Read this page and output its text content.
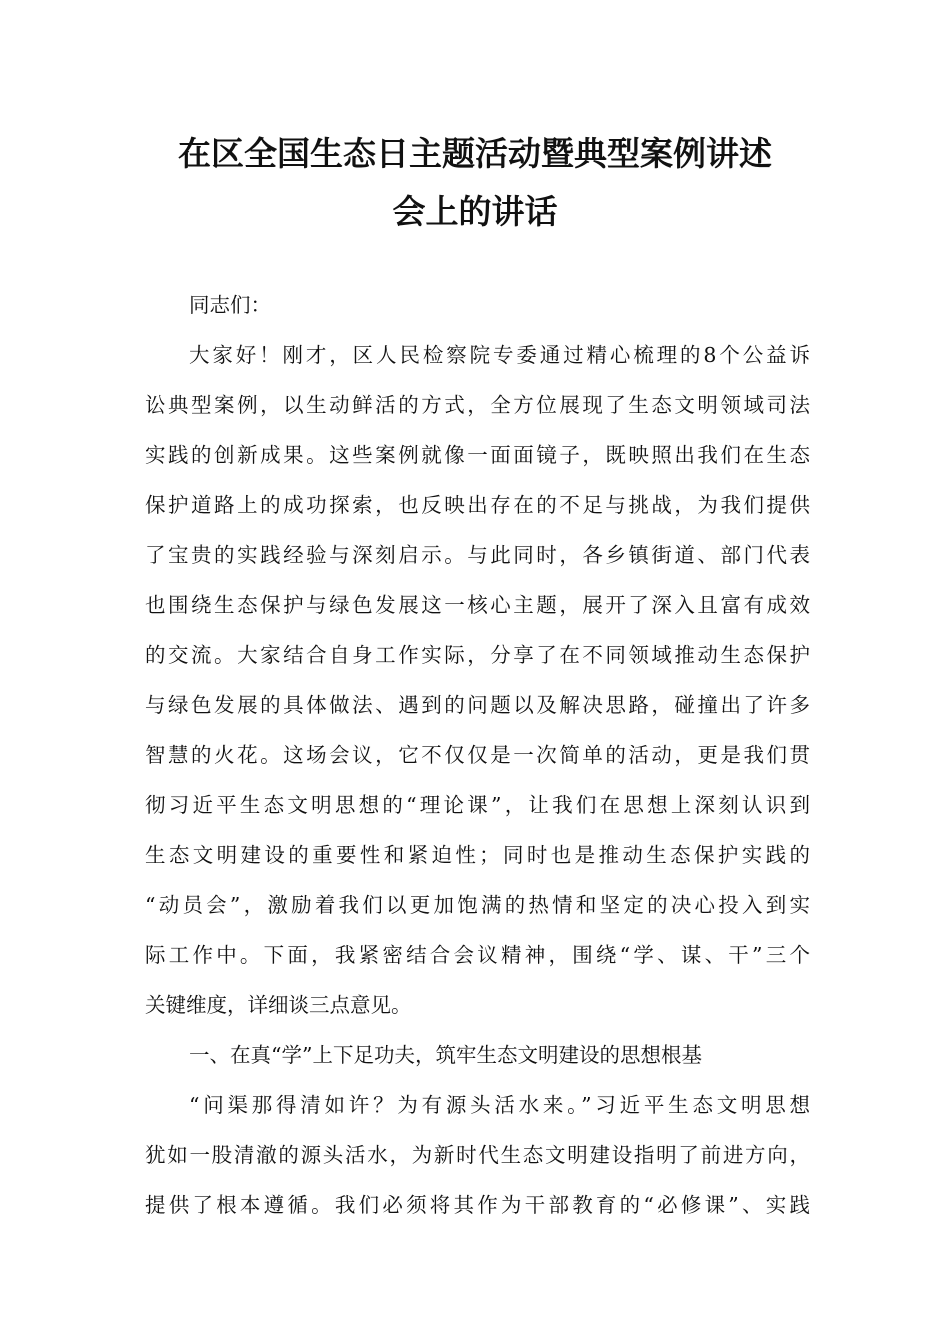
在区全国生态日主题活动暨典型案例讲述
会上的讲话
同志们：
大家好！刚才，区人民检察院专委通过精心梳理的8个公益诉
讼典型案例，以生动鲜活的方式，全方位展现了生态文明领域司法
实践的创新成果。这些案例就像一面面镜子，既映照出我们在生态
保护道路上的成功探索，也反映出存在的不足与挑战，为我们提供
了宝贵的实践经验与深刻启示。与此同时，各乡镇街道、部门代表
也围绕生态保护与绿色发展这一核心主题，展开了深入且富有成效
的交流。大家结合自身工作实际，分享了在不同领域推动生态保护
与绿色发展的具体做法、遇到的问题以及解决思路，碰撞出了许多
智慧的火花。这场会议，它不仅仅是一次简单的活动，更是我们贯
彻习近平生态文明思想的“理论课”，让我们在思想上深刻认识到
生态文明建设的重要性和紧迫性；同时也是推动生态保护实践的
“动员会”，激励着我们以更加饱满的热情和坚定的决心投入到实
际工作中。下面，我紧密结合会议精神，围绕“学、谋、干”三个
关键维度，详细谈三点意见。
一、在真“学”上下足功夫，筑牢生态文明建设的思想根基
“问渠那得清如许？为有源头活水来。”习近平生态文明思想
犹如一股清澈的源头活水，为新时代生态文明建设指明了前进方向，
提供了根本遵循。我们必须将其作为干部教育的“必修课”、实践
